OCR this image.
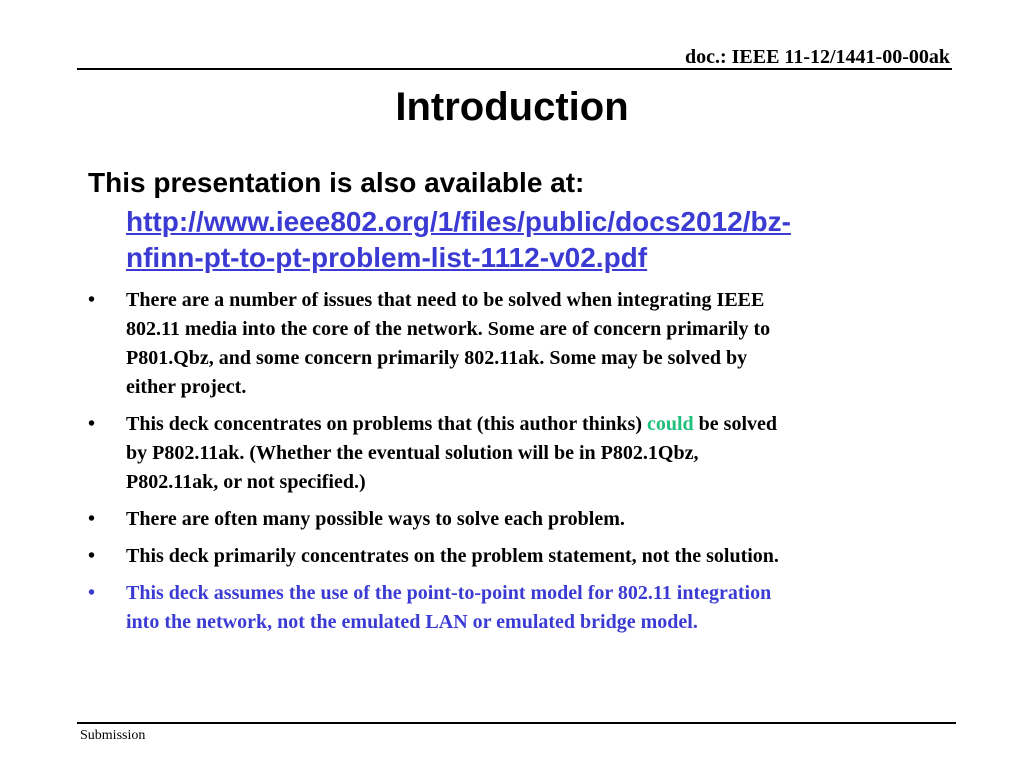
doc.: IEEE 11-12/1441-00-00ak
Introduction
This presentation is also available at:
http://www.ieee802.org/1/files/public/docs2012/bz-
nfinn-pt-to-pt-problem-list-1112-v02.pdf
• There are a number of issues that need to be solved when integrating IEEE
802.11 media into the core of the network. Some are of concern primarily to
P801.Qbz, and some concern primarily 802.11ak. Some may be solved by
either project.
• This deck concentrates on problems that (this author thinks) could be solved
by P802.11ak. (Whether the eventual solution will be in P802.1Qbz,
P802.11ak, or not specified.)
• There are often many possible ways to solve each problem.
• This deck primarily concentrates on the problem statement, not the solution.
• This deck assumes the use of the point-to-point model for 802.11 integration
into the network, not the emulated LAN or emulated bridge model.
Submission
